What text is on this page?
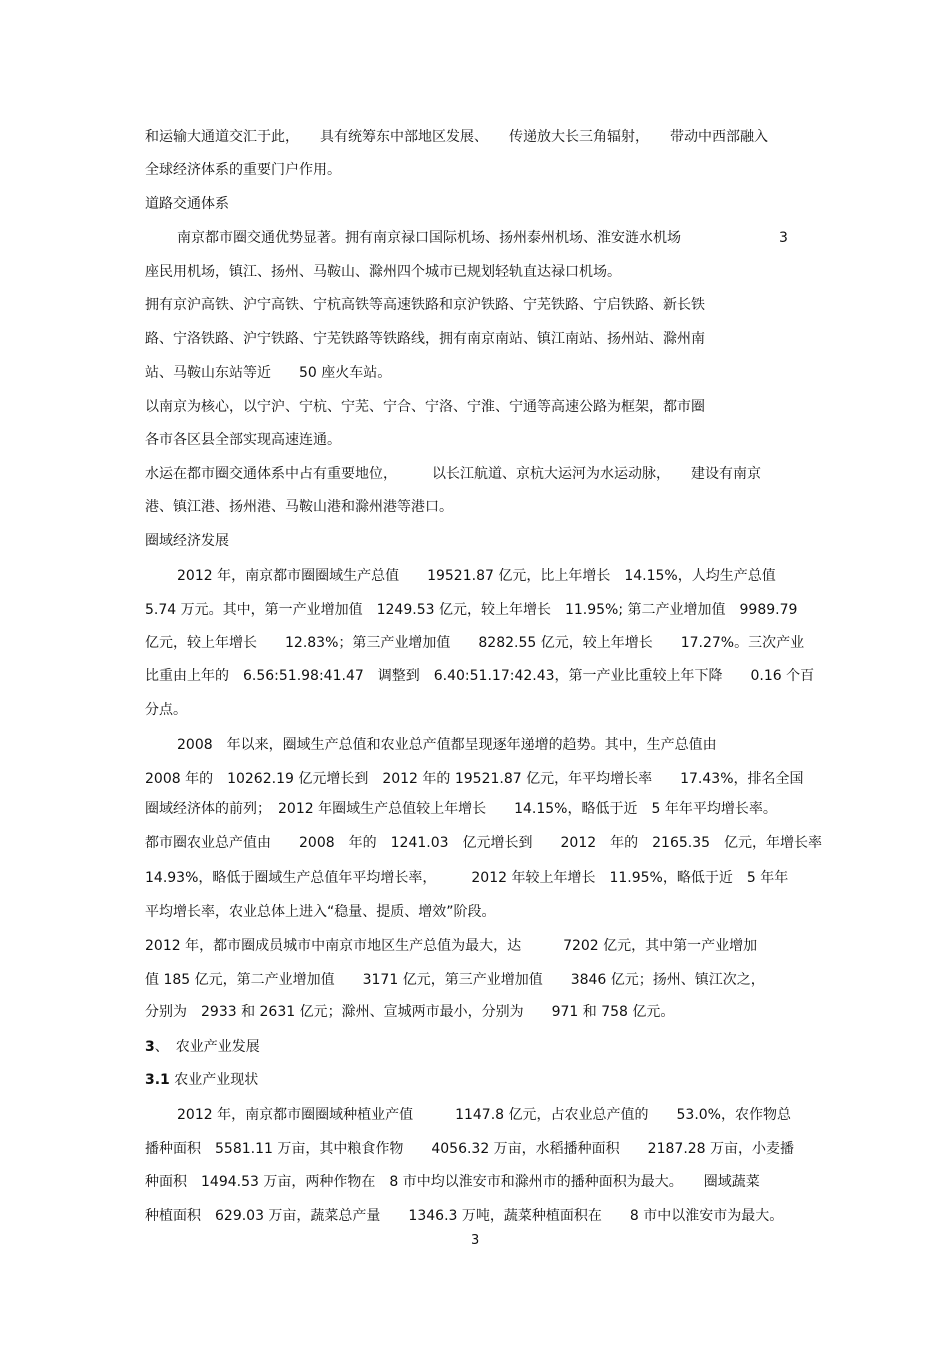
和运输大通道交汇于此，　　具有统筹东中部地区发展、　　传递放大长三角辐射，　　带动中西部融入

全球经济体系的重要门户作用。

道路交通体系

南京都市圈交通优势显著。拥有南京禄口国际机场、扬州泰州机场、淮安涟水机场　　　　　　　3

座民用机场，镇江、扬州、马鞍山、滁州四个城市已规划轻轨直达禄口机场。

拥有京沪高铁、沪宁高铁、宁杭高铁等高速铁路和京沪铁路、宁芜铁路、宁启铁路、新长铁

路、宁洛铁路、沪宁铁路、宁芜铁路等铁路线，拥有南京南站、镇江南站、扬州站、滁州南

站、马鞍山东站等近　　50 座火车站。

以南京为核心，以宁沪、宁杭、宁芜、宁合、宁洛、宁淮、宁通等高速公路为框架，都市圈

各市各区县全部实现高速连通。

水运在都市圈交通体系中占有重要地位，　　　以长江航道、京杭大运河为水运动脉，　　建设有南京

港、镇江港、扬州港、马鞍山港和滁州港等港口。

圈域经济发展

2012 年，南京都市圈圈域生产总值　　19521.87 亿元，比上年增长　14.15%，人均生产总值

5.74 万元。其中，第一产业增加值　1249.53 亿元，较上年增长　11.95%; 第二产业增加值　9989.79

亿元，较上年增长　　12.83%；第三产业增加值　　8282.55 亿元，较上年增长　　17.27%。三次产业

比重由上年的　6.56:51.98:41.47　调整到　6.40:51.17:42.43，第一产业比重较上年下降　　0.16 个百

分点。

2008　年以来，圈域生产总值和农业总产值都呈现逐年递增的趋势。其中，生产总值由

2008 年的　10262.19 亿元增长到　2012 年的 19521.87 亿元，年平均增长率　　17.43%，排名全国

圈域经济体的前列；　2012 年圈域生产总值较上年增长　　14.15%，略低于近　5 年年平均增长率。

都市圈农业总产值由　　2008　年的　1241.03　亿元增长到　　2012　年的　2165.35　亿元，年增长率

14.93%，略低于圈域生产总值年平均增长率，　　　2012 年较上年增长　11.95%，略低于近　5 年年

平均增长率，农业总体上进入“稳量、提质、增效”阶段。

2012 年，都市圈成员城市中南京市地区生产总值为最大，达　　　7202 亿元，其中第一产业增加

值 185 亿元，第二产业增加值　　3171 亿元，第三产业增加值　　3846 亿元；扬州、镇江次之，

分别为　2933 和 2631 亿元；滁州、宣城两市最小，分别为　　971 和 758 亿元。

3、　农业产业发展

3.1 农业产业现状

2012 年，南京都市圈圈域种植业产值　　　1147.8 亿元，占农业总产值的　　53.0%，农作物总

播种面积　5581.11 万亩，其中粮食作物　　4056.32 万亩，水稻播种面积　　2187.28 万亩，小麦播

种面积　1494.53 万亩，两种作物在　8 市中均以淮安市和滁州市的播种面积为最大。　　圈域蔬菜

种植面积　629.03 万亩，蔬菜总产量　　1346.3 万吨，蔬菜种植面积在　　8 市中以淮安市为最大。

3
